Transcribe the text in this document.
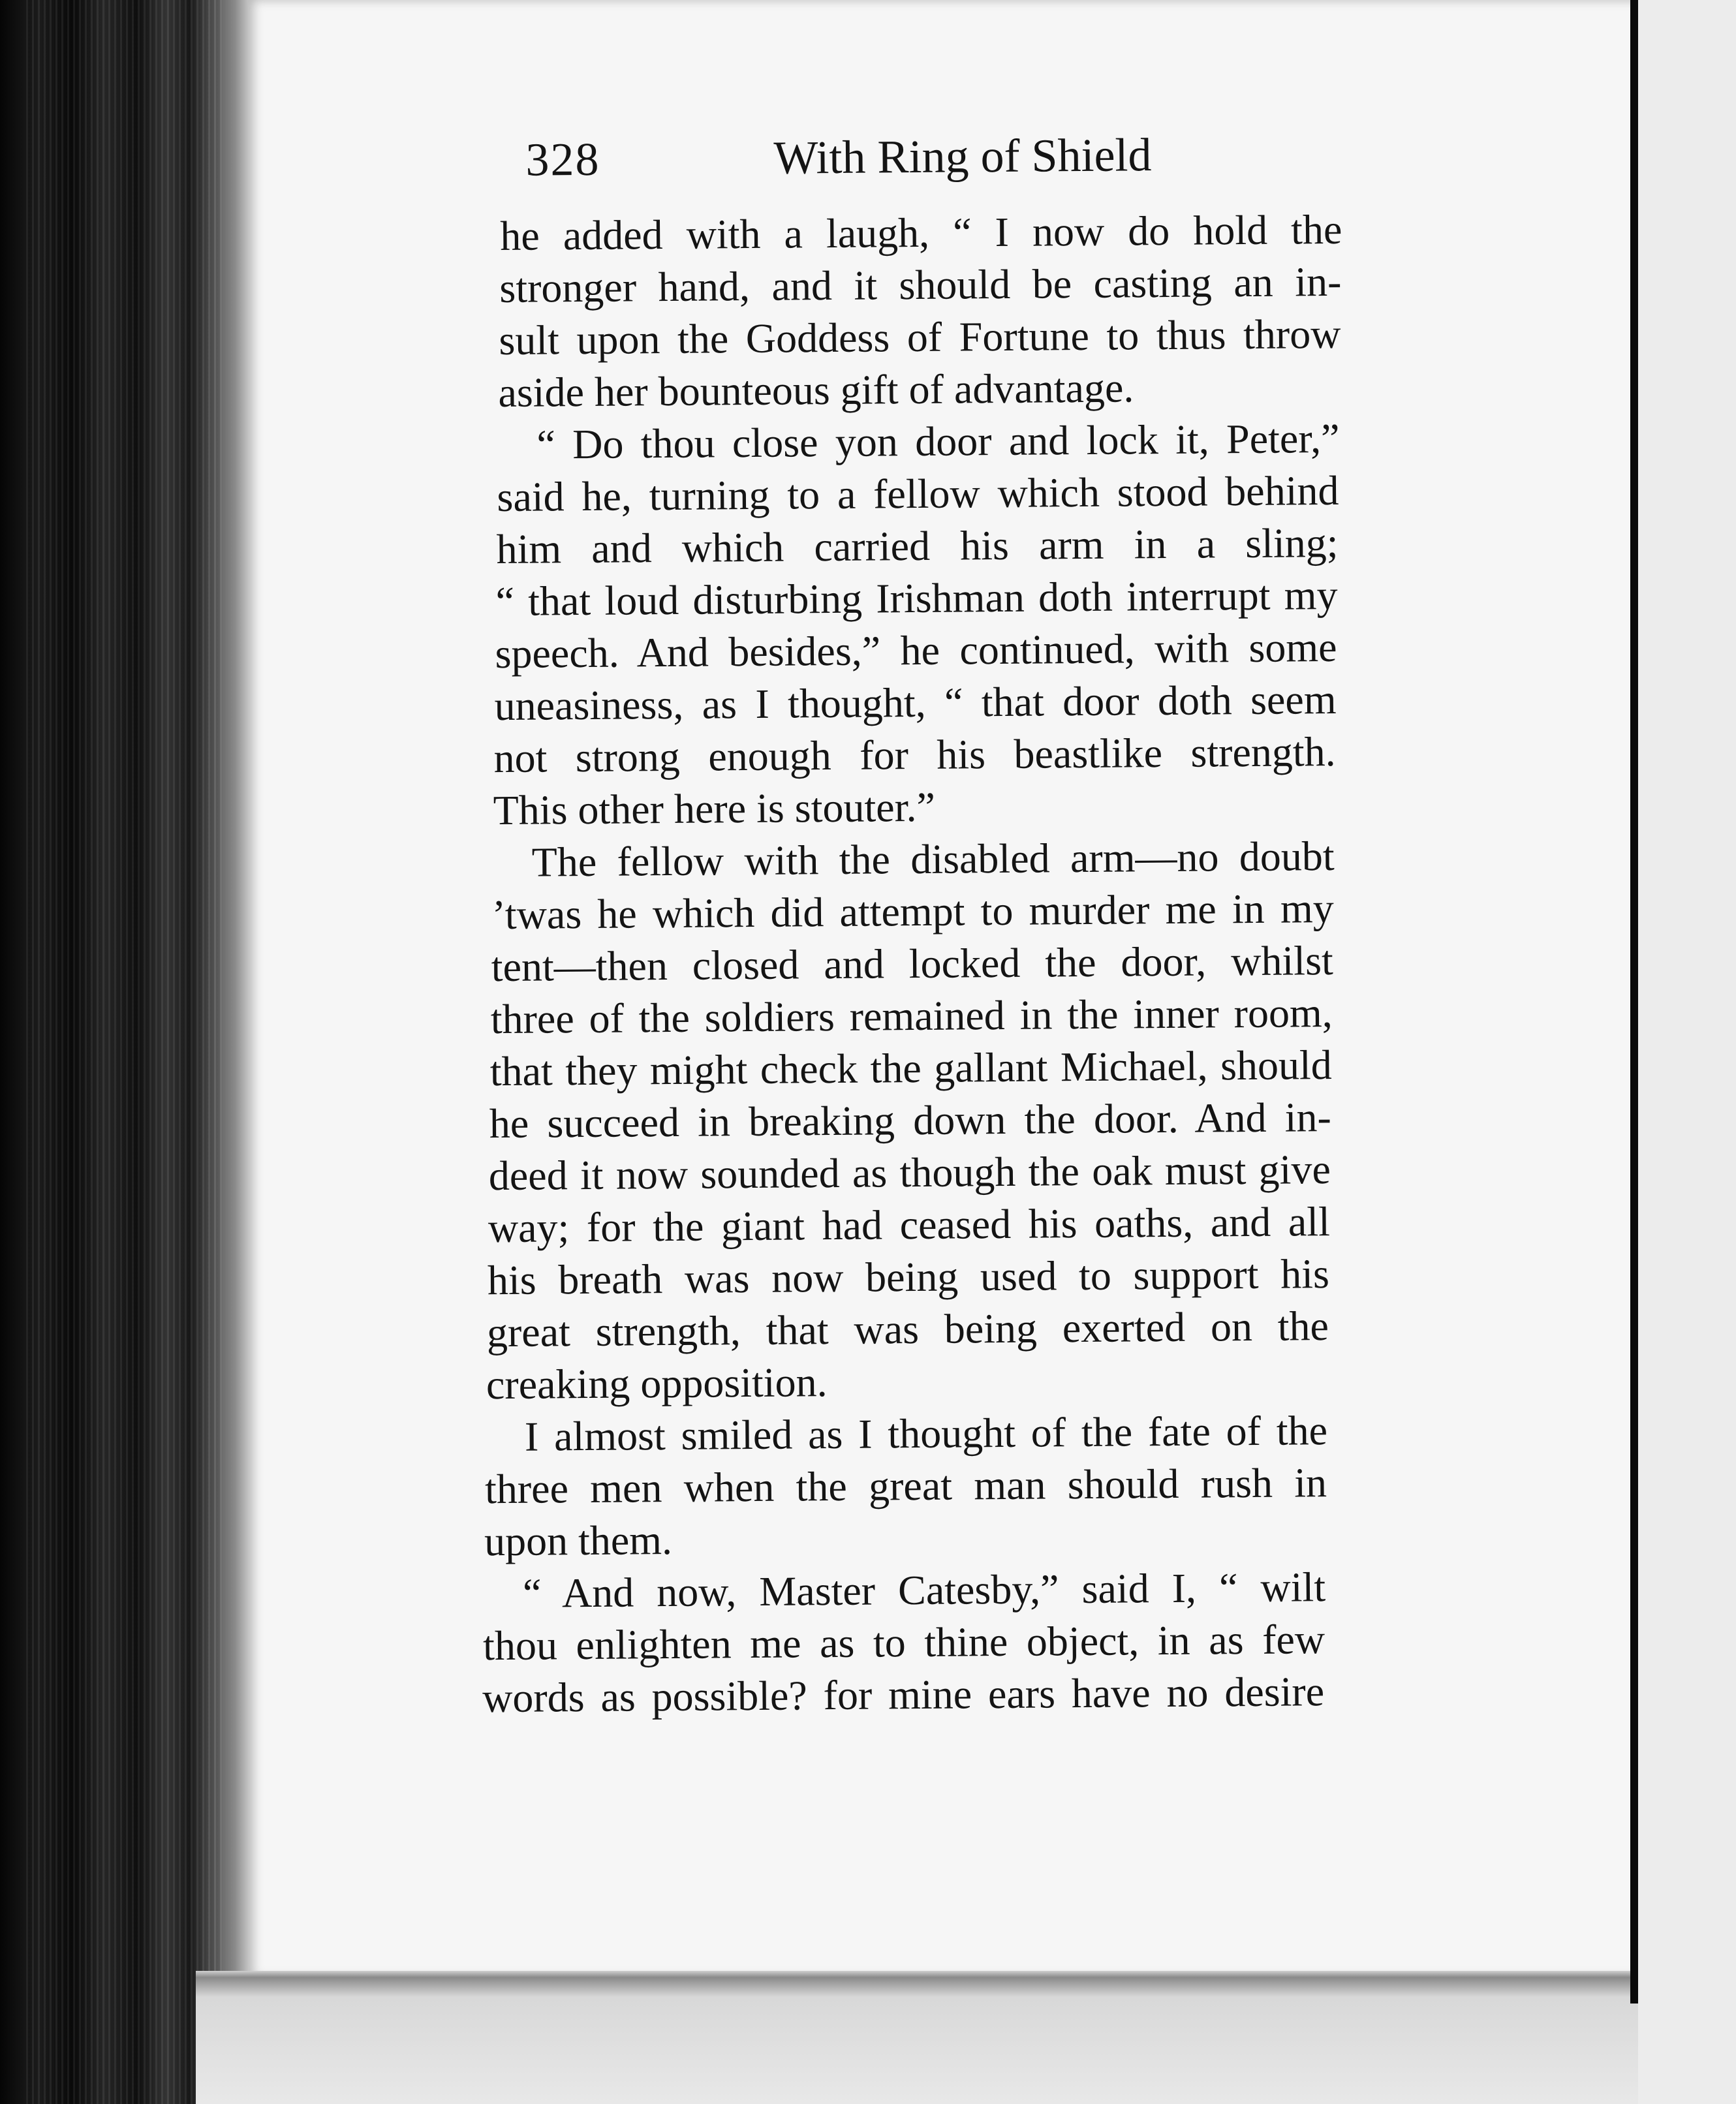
328	With Ring of Shield
he added with a laugh, “ I now do hold the
stronger hand, and it should be casting an in-
sult upon the Goddess of Fortune to thus throw
aside her bounteous gift of advantage.
“ Do thou close yon door and lock it, Peter,”
said he, turning to a fellow which stood behind
him and which carried his arm in a sling;
“ that loud disturbing Irishman doth interrupt my
speech. And besides,” he continued, with some
uneasiness, as I thought, “ that door doth seem
not strong enough for his beastlike strength.
This other here is stouter.”
The fellow with the disabled arm—no doubt
’twas he which did attempt to murder me in my
tent—then closed and locked the door, whilst
three of the soldiers remained in the inner room,
that they might check the gallant Michael, should
he succeed in breaking down the door. And in-
deed it now sounded as though the oak must give
way; for the giant had ceased his oaths, and all
his breath was now being used to support his
great strength, that was being exerted on the
creaking opposition.
I almost smiled as I thought of the fate of the
three men when the great man should rush in
upon them.
“ And now, Master Catesby,” said I, “ wilt
thou enlighten me as to thine object, in as few
words as possible? for mine ears have no desire
